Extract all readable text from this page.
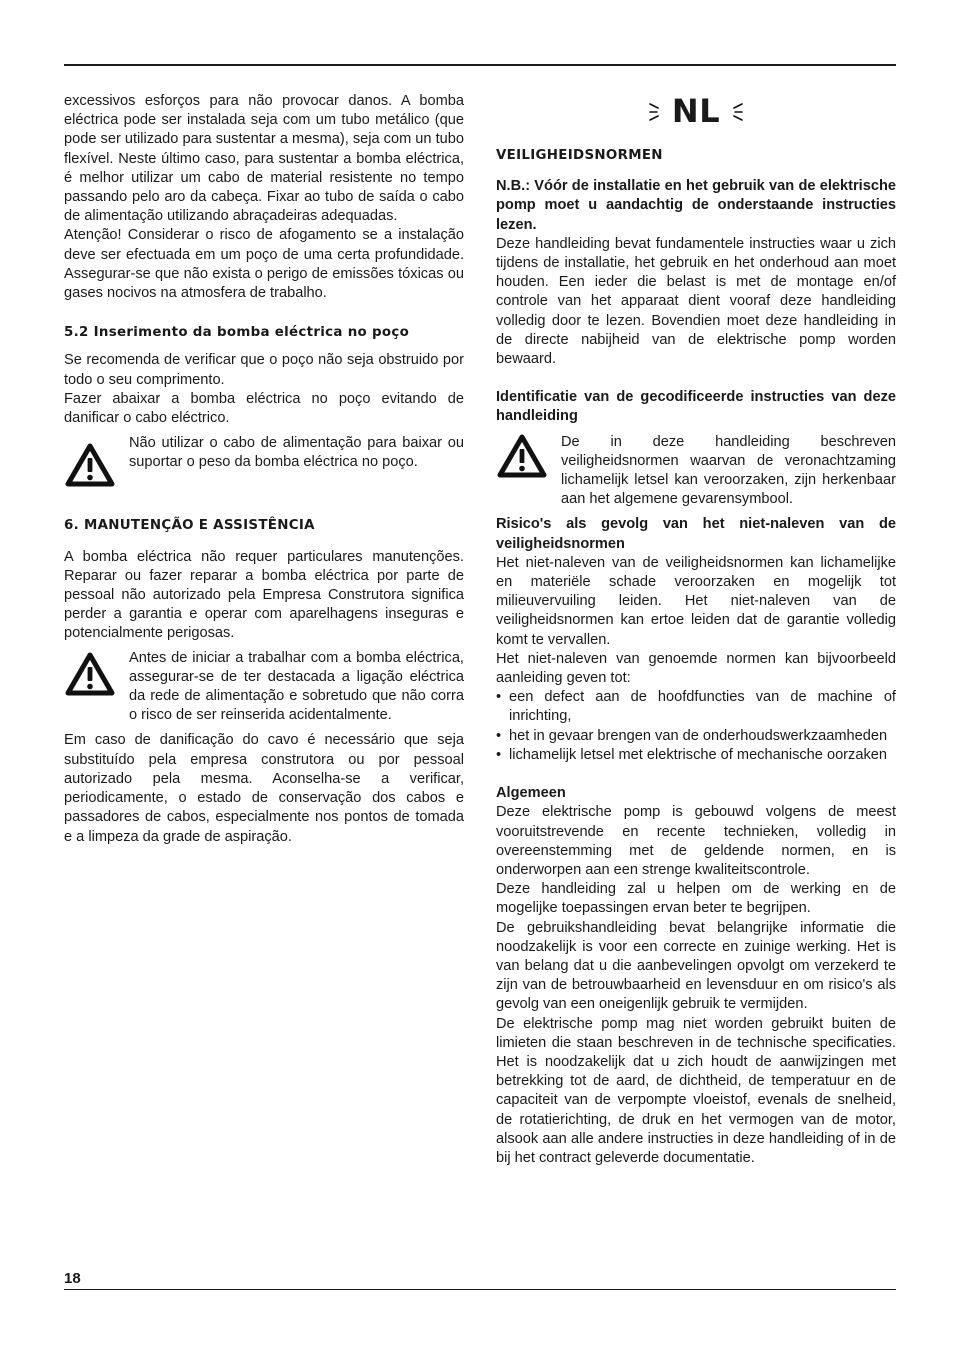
excessivos esforços para não provocar danos. A bomba eléctrica pode ser instalada seja com um tubo metálico (que pode ser utilizado para sustentar a mesma), seja com un tubo flexível. Neste último caso, para sustentar a bomba eléctrica, é melhor utilizar um cabo de material resistente no tempo passando pelo aro da cabeça. Fixar ao tubo de saída o cabo de alimentação utilizando abraçadeiras adequadas.

Atenção! Considerar o risco de afogamento se a instalação deve ser efectuada em um poço de uma certa profundidade. Assegurar-se que não exista o perigo de emissões tóxicas ou gases nocivos na atmosfera de trabalho.

5.2 Inserimento da bomba eléctrica no poço

Se recomenda de verificar que o poço não seja obstruido por todo o seu comprimento.

Fazer abaixar a bomba eléctrica no poço evitando de danificar o cabo eléctrico.

Não utilizar o cabo de alimentação para baixar ou suportar o peso da bomba eléctrica no poço.

6. MANUTENÇÃO E ASSISTÊNCIA

A bomba eléctrica não requer particulares manutenções. Reparar ou fazer reparar a bomba eléctrica por parte de pessoal não autorizado pela Empresa Construtora significa perder a garantia e operar com aparelhagens inseguras e potencialmente perigosas.

Antes de iniciar a trabalhar com a bomba eléctrica, assegurar-se de ter destacada a ligação eléctrica da rede de alimentação e sobretudo que não corra o risco de ser reinserida acidentalmente.

Em caso de danificação do cavo é necessário que seja substituído pela empresa construtora ou por pessoal autorizado pela mesma. Aconselha-se a verificar, periodicamente, o estado de conservação dos cabos e passadores de cabos, especialmente nos pontos de tomada e a limpeza da grade de aspiração.

NL
VEILIGHEIDSNORMEN

N.B.: Vóór de installatie en het gebruik van de elektrische pomp moet u aandachtig de onderstaande instructies lezen.

Deze handleiding bevat fundamentele instructies waar u zich tijdens de installatie, het gebruik en het onderhoud aan moet houden. Een ieder die belast is met de montage en/of controle van het apparaat dient vooraf deze handleiding volledig door te lezen. Bovendien moet deze handleiding in de directe nabijheid van de elektrische pomp worden bewaard.

Identificatie van de gecodificeerde instructies van deze handleiding

De in deze handleiding beschreven veiligheidsnormen waarvan de veronachtzaming lichamelijk letsel kan veroorzaken, zijn herkenbaar aan het algemene gevarensymbool.

Risico's als gevolg van het niet-naleven van de veiligheidsnormen

Het niet-naleven van de veiligheidsnormen kan lichamelijke en materiële schade veroorzaken en mogelijk tot milieuvervuiling leiden. Het niet-naleven van de veiligheidsnormen kan ertoe leiden dat de garantie volledig komt te vervallen.

Het niet-naleven van genoemde normen kan bijvoorbeeld aanleiding geven tot:

• een defect aan de hoofdfuncties van de machine of inrichting,
• het in gevaar brengen van de onderhoudswerkzaamheden
• lichamelijk letsel met elektrische of mechanische oorzaken
Algemeen

Deze elektrische pomp is gebouwd volgens de meest vooruitstrevende en recente technieken, volledig in overeenstemming met de geldende normen, en is onderworpen aan een strenge kwaliteitscontrole.

Deze handleiding zal u helpen om de werking en de mogelijke toepassingen ervan beter te begrijpen.

De gebruikshandleiding bevat belangrijke informatie die noodzakelijk is voor een correcte en zuinige werking. Het is van belang dat u die aanbevelingen opvolgt om verzekerd te zijn van de betrouwbaarheid en levensduur en om risico's als gevolg van een oneigenlijk gebruik te vermijden.

De elektrische pomp mag niet worden gebruikt buiten de limieten die staan beschreven in de technische specificaties. Het is noodzakelijk dat u zich houdt de aanwijzingen met betrekking tot de aard, de dichtheid, de temperatuur en de capaciteit van de verpompte vloeistof, evenals de snelheid, de rotatierichting, de druk en het vermogen van de motor, alsook aan alle andere instructies in deze handleiding of in de bij het contract geleverde documentatie.

18
